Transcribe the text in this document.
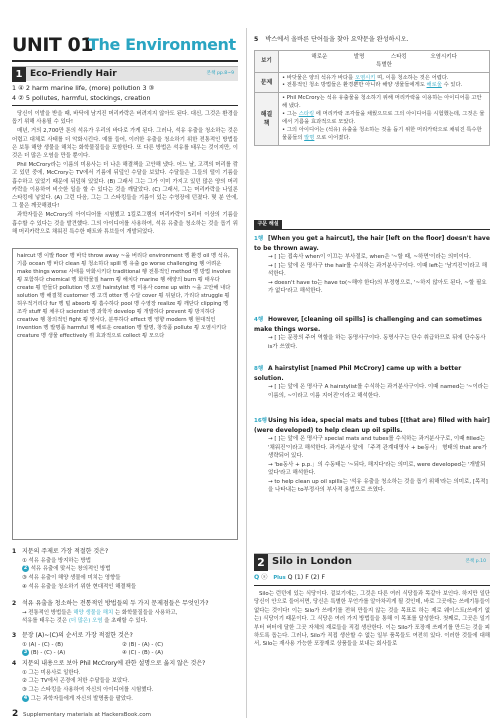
UNIT 01
The Environment
1 Eco-Friendly Hair	본책 pp.8~9
1 ④ 2 harm marine life, (more) pollution 3 ③
4 ② 5 pollutes, harmful, stockings, creation

당신이 이발을 받을 때, 바닥에 남겨진 머리카락은 버려지지 않아도 된다. 대신, 그것은 환경을 돕기 위해 사용될 수 있다!

매년, 거의 2,700만 톤의 석유가 우리의 바다로 가게 된다. 그러나, 석유 유출을 청소하는 것은 어렵고 대체로 사태를 더 악화시킨다. 예를 들어, 이러한 유출을 청소하기 위한 전통적인 방법들은 보통 해양 생물을 해치는 화학물질들을 포함한다. 또 다른 방법은 석유를 태우는 것이지만, 이것은 더 많은 오염을 만들 뿐이다.

Phil McCrory라는 이름의 미용사는 더 나은 해결책을 고안해 냈다. 어느 날, 고객의 머리를 깎고 있던 중에, McCrory는 TV에서 기름에 뒤덮인 수달을 보았다. 수달들은 그들의 털이 기름을 흡수하고 있었기 때문에 뒤덮혀 있었다. (B) 그래서 그는 그가 이미 가지고 있던 많은 양의 머리카락을 이용하여 비슷한 일을 할 수 있다는 것을 깨달았다. (C) 그래서, 그는 머리카락을 나일론 스타킹에 넣었다. (A) 그런 다음, 그는 그 스타킹들을 기름이 있는 수영장에 던졌다. 몇 분 안에, 그 물은 깨끗해졌다!

과학자들은 McCrory의 아이디어를 시험했고 1킬로그램의 머리카락이 5리터 이상의 기름을 흡수할 수 있다는 것을 발견했다. 그의 아이디어를 사용하여, 석유 유출을 청소하는 것을 돕기 위해 머리카락으로 채워진 특수한 매트와 튜브들이 개발되었다.

haircut 몡 이발 floor 몡 바닥 throw away ~을 버리다 environment 몡 환경 oil 몡 석유, 기름 ocean 몡 바다 clean 툉 청소하다 spill 몡 유출 go worse challenging 혱 어려운 make things worse 사태를 악화시키다 traditional 혱 전통적인 method 몡 방법 involve 툉 포함하다 chemical 몡 화학물질 harm 툉 해치다 marine 혱 해양의 burn 툉 태우다 create 툉 만들다 pollution 몡 오염 hairstylist 몡 미용사 come up with ~을 고안해 내다 solution 몡 해결책 customer 몡 고객 otter 몡 수달 cover 툉 뒤덮다, 가리다 struggle 툉 허우적거리다 fur 몡 털 absorb 툉 흡수하다 pool 몡 수영장 realize 툉 깨닫다 clipping 몡 조각 stuff 툉 채우다 scientist 몡 과학자 develop 툉 개발하다 prevent 툉 방지하다 creative 혱 창의적인 fight 툉 맞서다, 분투하다 effect 몡 영향 modern 혱 현대적인 invention 몡 발명품 harmful 혱 해로운 creation 몡 발명, 창작품 pollute 툉 오염시키다 creature 몡 생물 effectively 뷔 효과적으로 collect 툉 모으다
1 지문의 주제로 가장 적절한 것은?
① 석유 유출을 방지하는 방법
2 석유 유출에 맞서는 창의적인 방법
③ 석유 유출이 해양 생물에 미치는 영향들
④ 석유 유출을 청소하기 위한 현대적인 해결책들
2 석유 유출을 청소하는 전통적인 방법들의 두 가지 문제점들은 무엇인가?
→ 전통적인 방법들은 해양 생물을 해치 는 화학물질들을 사용하고,
석유를 태우는 것은 (더 많은) 오염 을 초래할 수 있다.
3 문장 (A)~(C)의 순서로 가장 적절한 것은?
① (A) - (C) - (B)	② (B) - (A) - (C)
3 (B) - (C) - (A)	④ (C) - (B) - (A)
4 지문의 내용으로 보아 Phil McCrory에 관한 설명으로 옳지 않은 것은?
① 그는 미용사로 일한다.
② 그는 TV에서 곤경에 처한 수달들을 보았다.
③ 그는 스타킹을 사용하여 자신의 아이디어를 시험했다.
4 그는 과학자들에게 자신의 발명품을 팔았다.
2 Supplementary materials at HackersBook.com
5 박스에서 올바른 단어들을 찾아 요약문을 완성하시오.
보기	해로운 발명 스타킹 오염시키다 특별한
문제	• 바닷물은 양의 석유가 바다를 오염시키 며, 이를 청소하는 것은 어렵다.
• 전통적인 청소 방법들은 환경뿐만 아니라 해양 생물들에게도 해로울 수 있다.

해결책	• Phil McCrory는 석유 유출물을 청소하기 위해 머리카락을 이용하는 아이디어를 고안해 냈다.
• 그는 스타킹 에 머리카락 조각들을 채웠으므로 그의 아이디어를 시험했는데, 그것은 물에서 기름을 효과적으로 모았다.
• 그의 아이디어는 (석유) 유출을 청소하는 것을 돕기 위한 머리카락으로 채워진 특수한 물품들의 발명 으로 이어졌다.
구문 해설
1행 [When you get a haircut], the hair [left on the floor] doesn't have to be thrown away.
→ [ ]는 접속사 when이 이끄는 부사절로, when은 '~할 때, ~하면'이라는 의미이다.
→ [ ]는 앞에 온 명사구 the hair를 수식하는 과거분사구이다. 이때 left는 '남겨진'이라고 해석한다.
→ doesn't have to는 have to(~해야 한다)의 부정형으로, '~하지 않아도 된다, ~할 필요가 없다'라고 해석한다.
4행 However, [cleaning oil spills] is challenging and can sometimes make things worse.
→ [ ]는 문장의 주어 역할을 하는 동명사구이다. 동명사구는 단수 취급하므로 뒤에 단수동사 is가 쓰였다.
8행 A hairstylist [named Phil McCrory] came up with a better solution.
→ [ ]는 앞에 온 명사구 A hairstylist를 수식하는 과거분사구이다. 이때 named는 '~이라는 이름의, ~이라고 이름 지어진'이라고 해석한다.
16행Using his idea, special mats and tubes [(that are) filled with hair] (were developed) to help clean up oil spills.
→ [ ]는 앞에 온 명사구 special mats and tubes를 수식하는 과거분사구로, 이때 filled는 '채워진'이라고 해석한다. 과거분사 앞에 「주격 관계대명사 + be동사」 형태의 that are가 생략되어 있다.
→ 'be동사 + p.p.」의 수동태는 '~되다, 해지다'라는 의미로, were developed는 '개발되었다'라고 해석한다.
→ to help clean up oil spills는 '석유 유출을 청소하는 것을 돕기 위해'라는 의미로, [목적]을 나타내는 to부정사의 부사적 용법으로 쓰였다.
2 Silo in London	본책 p.10
Q ⓢ Plus Q (1) F (2) F
Silo는 런던에 있는 식당이다. 겉보기에는, 그것은 다른 여러 식당들과 똑같아 보인다. 하지만 일단 당신이 안으로 들어서면, 당신은 특별한 무언가를 알아차리게 될 것인데, 바로 그곳에는 쓰레기통들이 없다는 것이다! 이는 Silo가 쓰레기를 전혀 만들지 않는 것을 목표로 하는 제로 웨이스트(쓰레기 없는) 식당이기 때문이다. 그 식당은 여러 가지 방법들을 통해 이 목표를 달성한다. 첫째로, 그곳은 일기부터 버터에 달한 그곳 자체의 재료들을 직접 생산한다. 이는 Silo가 포장재 쓰레기를 만드는 것을 피하도록 돕는다. 그러나, Silo가 직접 생산할 수 없는 일부 품목들도 여전히 있다. 이러한 것들에 대해서, Silo는 재사용 가능한 포장재로 상품들을 보내는 회사들로
